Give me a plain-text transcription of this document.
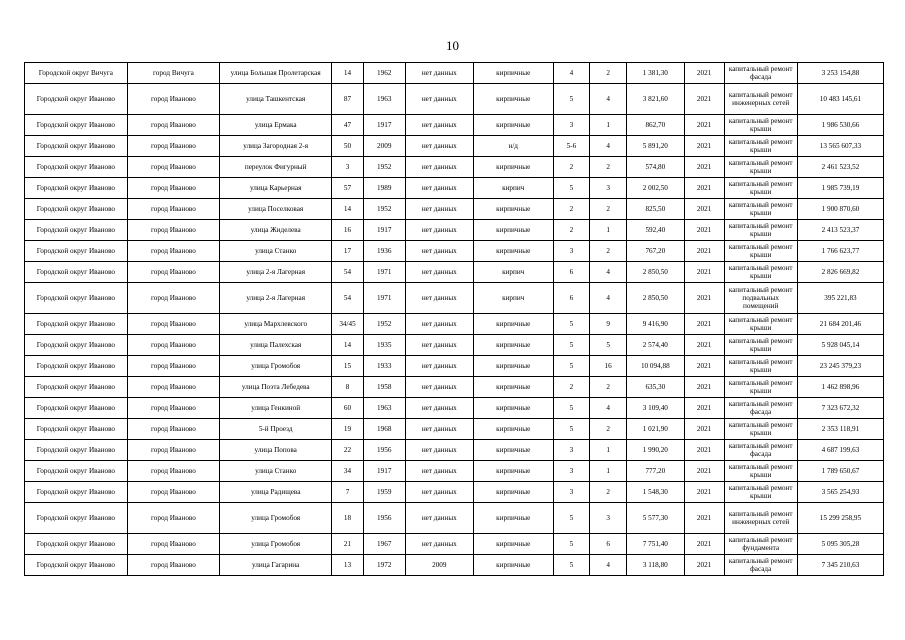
10
Городской округ Вичуга	город Вичуга	улица Большая Пролетарская	14	1962	нет данных	кирпичные	4	2	1 381,30	2021	капитальный ремонт фасада	3 253 154,88
Городской округ Иваново	город Иваново	улица Ташкентская	87	1963	нет данных	кирпичные	5	4	3 821,60	2021	капитальный ремонт инженерных сетей	10 483 145,61
Городской округ Иваново	город Иваново	улица Ермака	47	1917	нет данных	кирпичные	3	1	862,70	2021	капитальный ремонт крыши	1 986 530,66
Городской округ Иваново	город Иваново	улица Загородная 2-я	50	2009	нет данных	н/д	5-6	4	5 891,20	2021	капитальный ремонт крыши	13 565 607,33
Городской округ Иваново	город Иваново	переулок Фигурный	3	1952	нет данных	кирпичные	2	2	574,80	2021	капитальный ремонт крыши	2 461 523,52
Городской округ Иваново	город Иваново	улица Карьерная	57	1989	нет данных	кирпич	5	3	2 002,50	2021	капитальный ремонт крыши	1 985 739,19
Городской округ Иваново	город Иваново	улица Поселковая	14	1952	нет данных	кирпичные	2	2	825,50	2021	капитальный ремонт крыши	1 900 870,60
Городской округ Иваново	город Иваново	улица Жиделева	16	1917	нет данных	кирпичные	2	1	592,40	2021	капитальный ремонт крыши	2 413 523,37
Городской округ Иваново	город Иваново	улица Станко	17	1936	нет данных	кирпичные	3	2	767,20	2021	капитальный ремонт крыши	1 766 623,77
Городской округ Иваново	город Иваново	улица 2-я Лагерная	54	1971	нет данных	кирпич	6	4	2 850,50	2021	капитальный ремонт крыши	2 826 669,82
Городской округ Иваново	город Иваново	улица 2-я Лагерная	54	1971	нет данных	кирпич	6	4	2 850,50	2021	капитальный ремонт подвальных помещений	395 221,83
Городской округ Иваново	город Иваново	улица Мархлевского	34/45	1952	нет данных	кирпичные	5	9	9 416,90	2021	капитальный ремонт крыши	21 684 201,46
Городской округ Иваново	город Иваново	улица Палехская	14	1935	нет данных	кирпичные	5	5	2 574,40	2021	капитальный ремонт крыши	5 928 045,14
Городской округ Иваново	город Иваново	улица Громобоя	15	1933	нет данных	кирпичные	5	16	10 094,88	2021	капитальный ремонт крыши	23 245 379,23
Городской округ Иваново	город Иваново	улица Поэта Лебедева	8	1958	нет данных	кирпичные	2	2	635,30	2021	капитальный ремонт крыши	1 462 898,96
Городской округ Иваново	город Иваново	улица Генкиной	60	1963	нет данных	кирпичные	5	4	3 109,40	2021	капитальный ремонт фасада	7 323 672,32
Городской округ Иваново	город Иваново	5-й Проезд	19	1968	нет данных	кирпичные	5	2	1 021,90	2021	капитальный ремонт крыши	2 353 118,91
Городской округ Иваново	город Иваново	улица Попова	22	1956	нет данных	кирпичные	3	1	1 990,20	2021	капитальный ремонт фасада	4 687 199,63
Городской округ Иваново	город Иваново	улица Станко	34	1917	нет данных	кирпичные	3	1	777,20	2021	капитальный ремонт крыши	1 789 650,67
Городской округ Иваново	город Иваново	улица Радищева	7	1959	нет данных	кирпичные	3	2	1 548,30	2021	капитальный ремонт крыши	3 565 254,93
Городской округ Иваново	город Иваново	улица Громобоя	18	1956	нет данных	кирпичные	5	3	5 577,30	2021	капитальный ремонт инженерных сетей	15 299 258,95
Городской округ Иваново	город Иваново	улица Громобоя	21	1967	нет данных	кирпичные	5	6	7 751,40	2021	капитальный ремонт фундамента	5 095 305,28
Городской округ Иваново	город Иваново	улица Гагарина	13	1972	2009	кирпичные	5	4	3 118,80	2021	капитальный ремонт фасада	7 345 210,63
